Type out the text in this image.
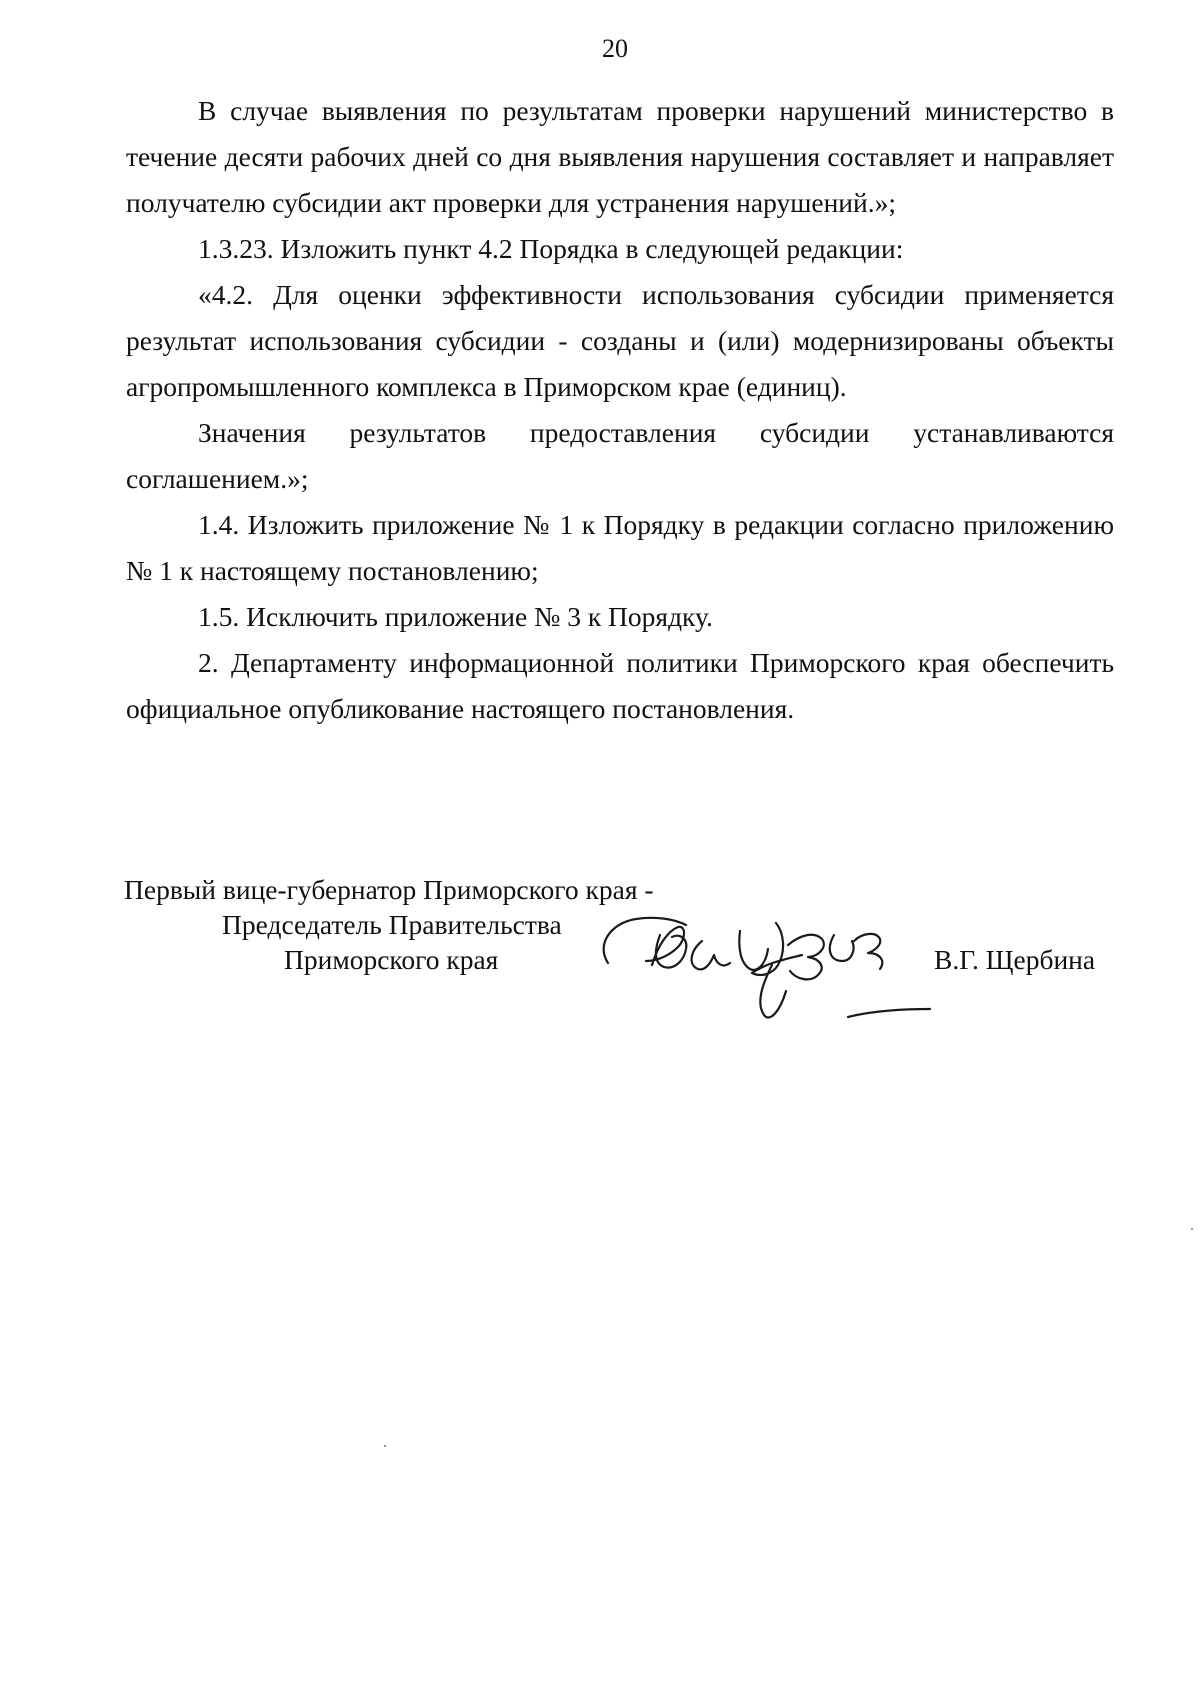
20

В случае выявления по результатам проверки нарушений министерство в течение десяти рабочих дней со дня выявления нарушения составляет и направляет получателю субсидии акт проверки для устранения нарушений.»;

1.3.23. Изложить пункт 4.2 Порядка в следующей редакции:

«4.2. Для оценки эффективности использования субсидии применяется результат использования субсидии - созданы и (или) модернизированы объекты агропромышленного комплекса в Приморском крае (единиц).

Значения результатов предоставления субсидии устанавливаются соглашением.»;

1.4. Изложить приложение № 1 к Порядку в редакции согласно приложению № 1 к настоящему постановлению;

1.5. Исключить приложение № 3 к Порядку.

2. Департаменту информационной политики Приморского края обеспечить официальное опубликование настоящего постановления.

Первый вице-губернатор Приморского края -
Председатель Правительства
Приморского края	В.Г. Щербина
